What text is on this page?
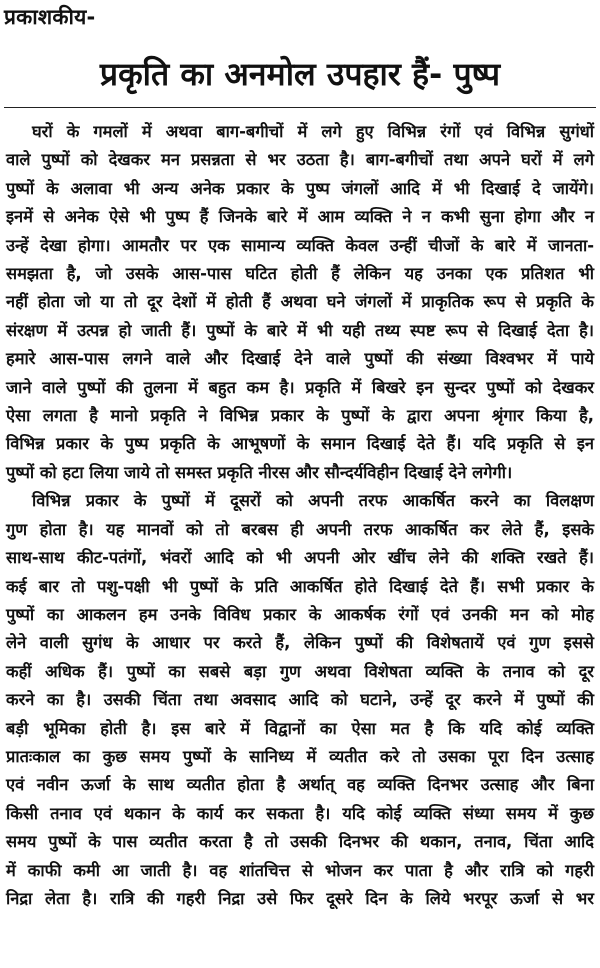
प्रकाशकीय-
प्रकृति का अनमोल उपहार हैं- पुष्प

घरों के गमलों में अथवा बाग-बगीचों में लगे हुए विभिन्न रंगों एवं विभिन्न सुगंधों
वाले पुष्पों को देखकर मन प्रसन्नता से भर उठता है। बाग-बगीचों तथा अपने घरों में लगे
पुष्पों के अलावा भी अन्य अनेक प्रकार के पुष्प जंगलों आदि में भी दिखाई दे जायेंगे।
इनमें से अनेक ऐसे भी पुष्प हैं जिनके बारे में आम व्यक्ति ने न कभी सुना होगा और न
उन्हें देखा होगा। आमतौर पर एक सामान्य व्यक्ति केवल उन्हीं चीजों के बारे में जानता-
समझता है, जो उसके आस-पास घटित होती हैं लेकिन यह उनका एक प्रतिशत भी
नहीं होता जो या तो दूर देशों में होती हैं अथवा घने जंगलों में प्राकृतिक रूप से प्रकृति के
संरक्षण में उत्पन्न हो जाती हैं। पुष्पों के बारे में भी यही तथ्य स्पष्ट रूप से दिखाई देता है।
हमारे आस-पास लगने वाले और दिखाई देने वाले पुष्पों की संख्या विश्वभर में पाये
जाने वाले पुष्पों की तुलना में बहुत कम है। प्रकृति में बिखरे इन सुन्दर पुष्पों को देखकर
ऐसा लगता है मानो प्रकृति ने विभिन्न प्रकार के पुष्पों के द्वारा अपना श्रृंगार किया है,
विभिन्न प्रकार के पुष्प प्रकृति के आभूषणों के समान दिखाई देते हैं। यदि प्रकृति से इन
पुष्पों को हटा लिया जाये तो समस्त प्रकृति नीरस और सौन्दर्यविहीन दिखाई देने लगेगी।

विभिन्न प्रकार के पुष्पों में दूसरों को अपनी तरफ आकर्षित करने का विलक्षण
गुण होता है। यह मानवों को तो बरबस ही अपनी तरफ आकर्षित कर लेते हैं, इसके
साथ-साथ कीट-पतंगों, भंवरों आदि को भी अपनी ओर खींच लेने की शक्ति रखते हैं।
कई बार तो पशु-पक्षी भी पुष्पों के प्रति आकर्षित होते दिखाई देते हैं। सभी प्रकार के
पुष्पों का आकलन हम उनके विविध प्रकार के आकर्षक रंगों एवं उनकी मन को मोह
लेने वाली सुगंध के आधार पर करते हैं, लेकिन पुष्पों की विशेषतायें एवं गुण इससे
कहीं अधिक हैं। पुष्पों का सबसे बड़ा गुण अथवा विशेषता व्यक्ति के तनाव को दूर
करने का है। उसकी चिंता तथा अवसाद आदि को घटाने, उन्हें दूर करने में पुष्पों की
बड़ी भूमिका होती है। इस बारे में विद्वानों का ऐसा मत है कि यदि कोई व्यक्ति
प्रातःकाल का कुछ समय पुष्पों के सानिध्य में व्यतीत करे तो उसका पूरा दिन उत्साह
एवं नवीन ऊर्जा के साथ व्यतीत होता है अर्थात् वह व्यक्ति दिनभर उत्साह और बिना
किसी तनाव एवं थकान के कार्य कर सकता है। यदि कोई व्यक्ति संध्या समय में कुछ
समय पुष्पों के पास व्यतीत करता है तो उसकी दिनभर की थकान, तनाव, चिंता आदि
में काफी कमी आ जाती है। वह शांतचित्त से भोजन कर पाता है और रात्रि को गहरी
निद्रा लेता है। रात्रि की गहरी निद्रा उसे फिर दूसरे दिन के लिये भरपूर ऊर्जा से भर
